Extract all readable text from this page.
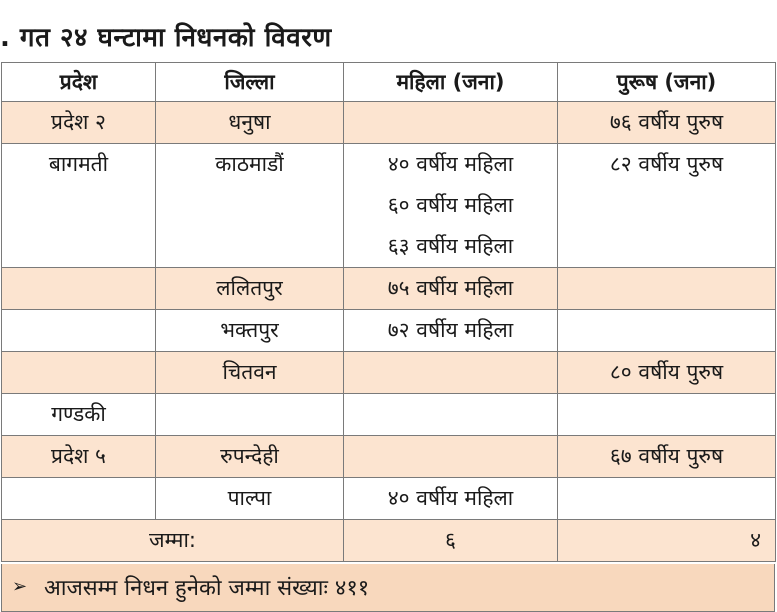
. गत २४ घन्टामा निधनको विवरण
प्रदेश	जिल्ला	महिला (जना)	पुरूष (जना)

प्रदेश २	धनुषा		७६ वर्षीय पुरुष

बागमती	काठमाडौं	४० वर्षीय महिला
६० वर्षीय महिला
६३ वर्षीय महिला	८२ वर्षीय पुरुष

	ललितपुर	७५ वर्षीय महिला	

	भक्तपुर	७२ वर्षीय महिला	

	चितवन		८० वर्षीय पुरुष

गण्डकी			

प्रदेश ५	रुपन्देही		६७ वर्षीय पुरुष

	पाल्पा	४० वर्षीय महिला	

जम्मा:		६	४
➢ आजसम्म निधन हुनेको जम्मा संख्याः ४११
